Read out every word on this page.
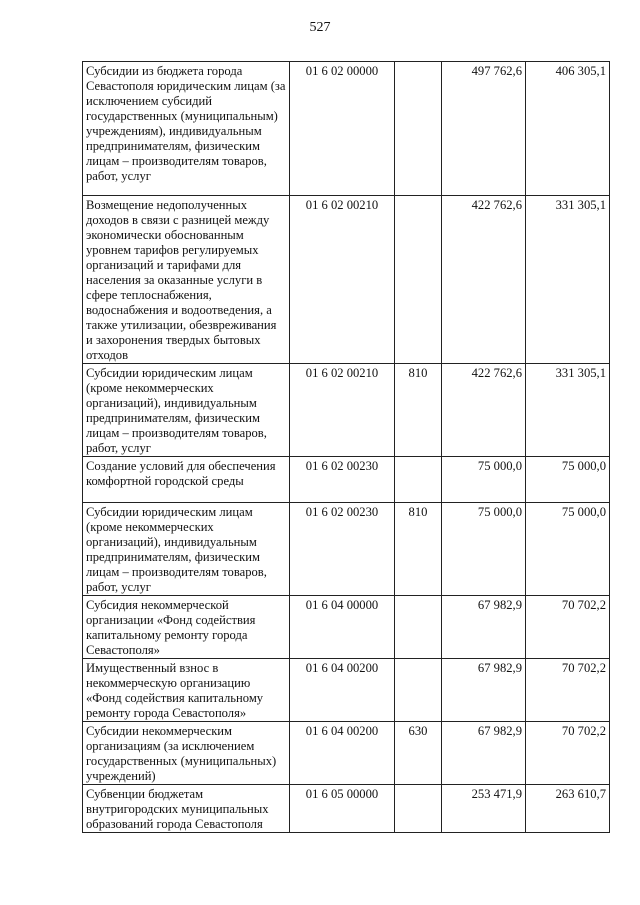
527
Субсидии из бюджета города Севастополя юридическим лицам (за исключением субсидий государственных (муниципальным) учреждениям), индивидуальным предпринимателям, физическим лицам – производителям товаров, работ, услуг	01 6 02 00000		497 762,6	406 305,1
Возмещение недополученных доходов в связи с разницей между экономически обоснованным уровнем тарифов регулируемых организаций и тарифами для населения за оказанные услуги в сфере теплоснабжения, водоснабжения и водоотведения, а также утилизации, обезвреживания и захоронения твердых бытовых отходов	01 6 02 00210		422 762,6	331 305,1
Субсидии юридическим лицам (кроме некоммерческих организаций), индивидуальным предпринимателям, физическим лицам – производителям товаров, работ, услуг	01 6 02 00210	810	422 762,6	331 305,1
Создание условий для обеспечения комфортной городской среды	01 6 02 00230		75 000,0	75 000,0
Субсидии юридическим лицам (кроме некоммерческих организаций), индивидуальным предпринимателям, физическим лицам – производителям товаров, работ, услуг	01 6 02 00230	810	75 000,0	75 000,0
Субсидия некоммерческой организации «Фонд содействия капитальному ремонту города Севастополя»	01 6 04 00000		67 982,9	70 702,2
Имущественный взнос в некоммерческую организацию «Фонд содействия капитальному ремонту города Севастополя»	01 6 04 00200		67 982,9	70 702,2
Субсидии некоммерческим организациям (за исключением государственных (муниципальных) учреждений)	01 6 04 00200	630	67 982,9	70 702,2
Субвенции бюджетам внутригородских муниципальных образований города Севастополя	01 6 05 00000		253 471,9	263 610,7
